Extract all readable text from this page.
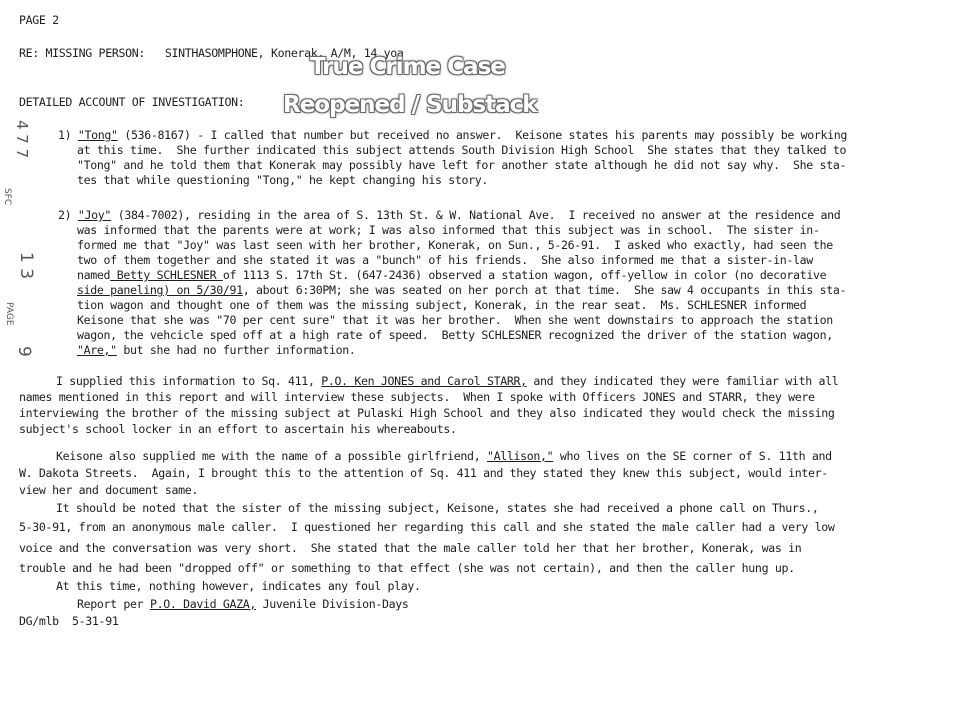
PAGE 2
RE: MISSING PERSON:   SINTHASOMPHONE, Konerak, A/M, 14 yoa
DETAILED ACCOUNT OF INVESTIGATION:
True Crime Case
Reopened / Substack
4 7 7
SFC
1 3
PAGE
9
1) "Tong" (536-8167) - I called that number but received no answer.  Keisone states his parents may possibly be working
at this time.  She further indicated this subject attends South Division High School  She states that they talked to
"Tong" and he told them that Konerak may possibly have left for another state although he did not say why.  She sta-
tes that while questioning "Tong," he kept changing his story.
2) "Joy" (384-7002), residing in the area of S. 13th St. & W. National Ave.  I received no answer at the residence and
was informed that the parents were at work; I was also informed that this subject was in school.  The sister in-
formed me that "Joy" was last seen with her brother, Konerak, on Sun., 5-26-91.  I asked who exactly, had seen the
two of them together and she stated it was a "bunch" of his friends.  She also informed me that a sister-in-law
named Betty SCHLESNER of 1113 S. 17th St. (647-2436) observed a station wagon, off-yellow in color (no decorative
side paneling) on 5/30/91, about 6:30PM; she was seated on her porch at that time.  She saw 4 occupants in this sta-
tion wagon and thought one of them was the missing subject, Konerak, in the rear seat.  Ms. SCHLESNER informed
Keisone that she was "70 per cent sure" that it was her brother.  When she went downstairs to approach the station
wagon, the vehcicle sped off at a high rate of speed.  Betty SCHLESNER recognized the driver of the station wagon,
"Are," but she had no further information.
I supplied this information to Sq. 411, P.O. Ken JONES and Carol STARR, and they indicated they were familiar with all
names mentioned in this report and will interview these subjects.  When I spoke with Officers JONES and STARR, they were
interviewing the brother of the missing subject at Pulaski High School and they also indicated they would check the missing
subject's school locker in an effort to ascertain his whereabouts.
Keisone also supplied me with the name of a possible girlfriend, "Allison," who lives on the SE corner of S. 11th and
W. Dakota Streets.  Again, I brought this to the attention of Sq. 411 and they stated they knew this subject, would inter-
view her and document same.
It should be noted that the sister of the missing subject, Keisone, states she had received a phone call on Thurs.,
5-30-91, from an anonymous male caller.  I questioned her regarding this call and she stated the male caller had a very low
voice and the conversation was very short.  She stated that the male caller told her that her brother, Konerak, was in
trouble and he had been "dropped off" or something to that effect (she was not certain), and then the caller hung up.
At this time, nothing however, indicates any foul play.
Report per P.O. David GAZA, Juvenile Division-Days
DG/mlb  5-31-91
